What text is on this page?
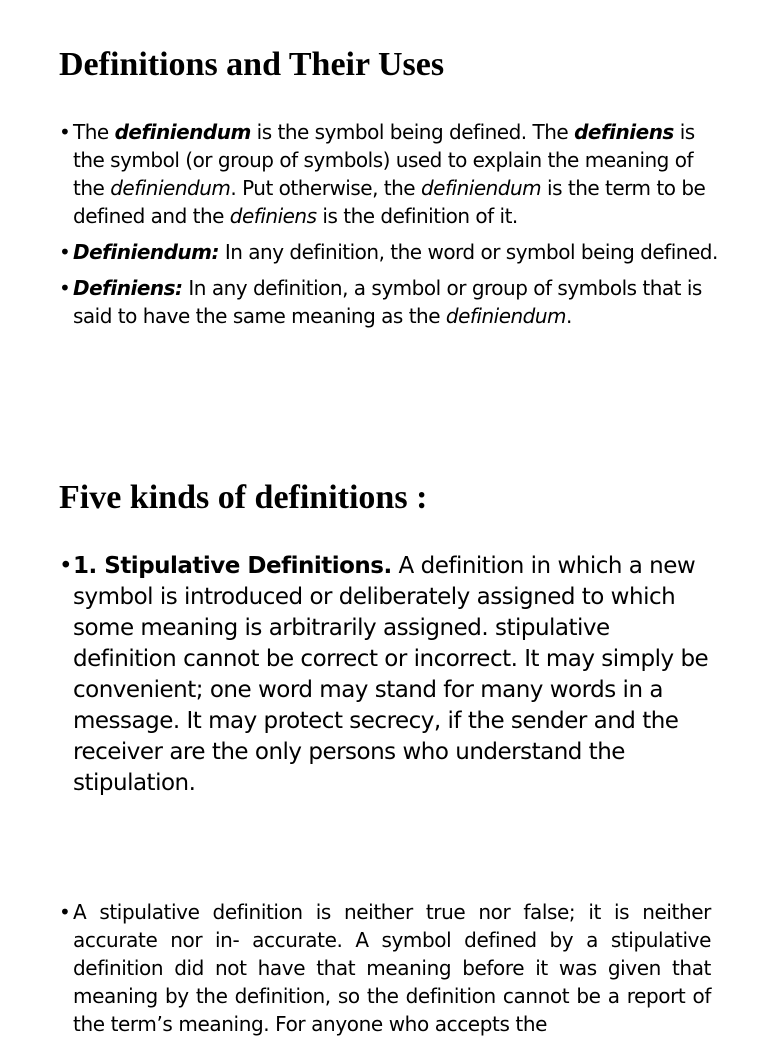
Definitions and Their Uses
• The definiendum is the symbol being defined. The definiens is the symbol (or group of symbols) used to explain the meaning of the definiendum. Put otherwise, the definiendum is the term to be defined and the definiens is the definition of it.
• Definiendum: In any definition, the word or symbol being defined.
• Definiens: In any definition, a symbol or group of symbols that is said to have the same meaning as the definiendum.
Five kinds of definitions :
• 1. Stipulative Definitions. A definition in which a new symbol is introduced or deliberately assigned to which some meaning is arbitrarily assigned. stipulative definition cannot be correct or incorrect. It may simply be convenient; one word may stand for many words in a message. It may protect secrecy, if the sender and the receiver are the only persons who understand the stipulation.
• A stipulative definition is neither true nor false; it is neither accurate nor in- accurate. A symbol defined by a stipulative definition did not have that meaning before it was given that meaning by the definition, so the definition cannot be a report of the term’s meaning. For anyone who accepts the
